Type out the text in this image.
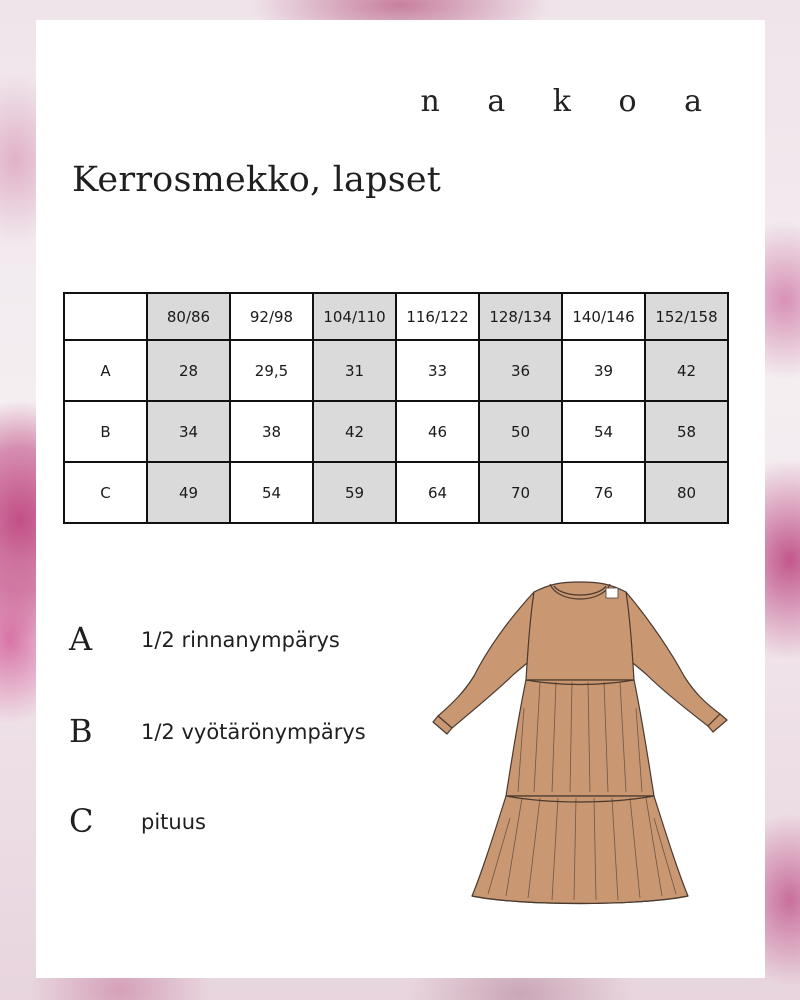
n a k o a

Kerrosmekko, lapset
	80/86	92/98	104/110	116/122	128/134	140/146	152/158
A	28	29,5	31	33	36	39	42
B	34	38	42	46	50	54	58
C	49	54	59	64	70	76	80
A 1/2 rinnanympärys
B 1/2 vyötärönympärys
C pituus
